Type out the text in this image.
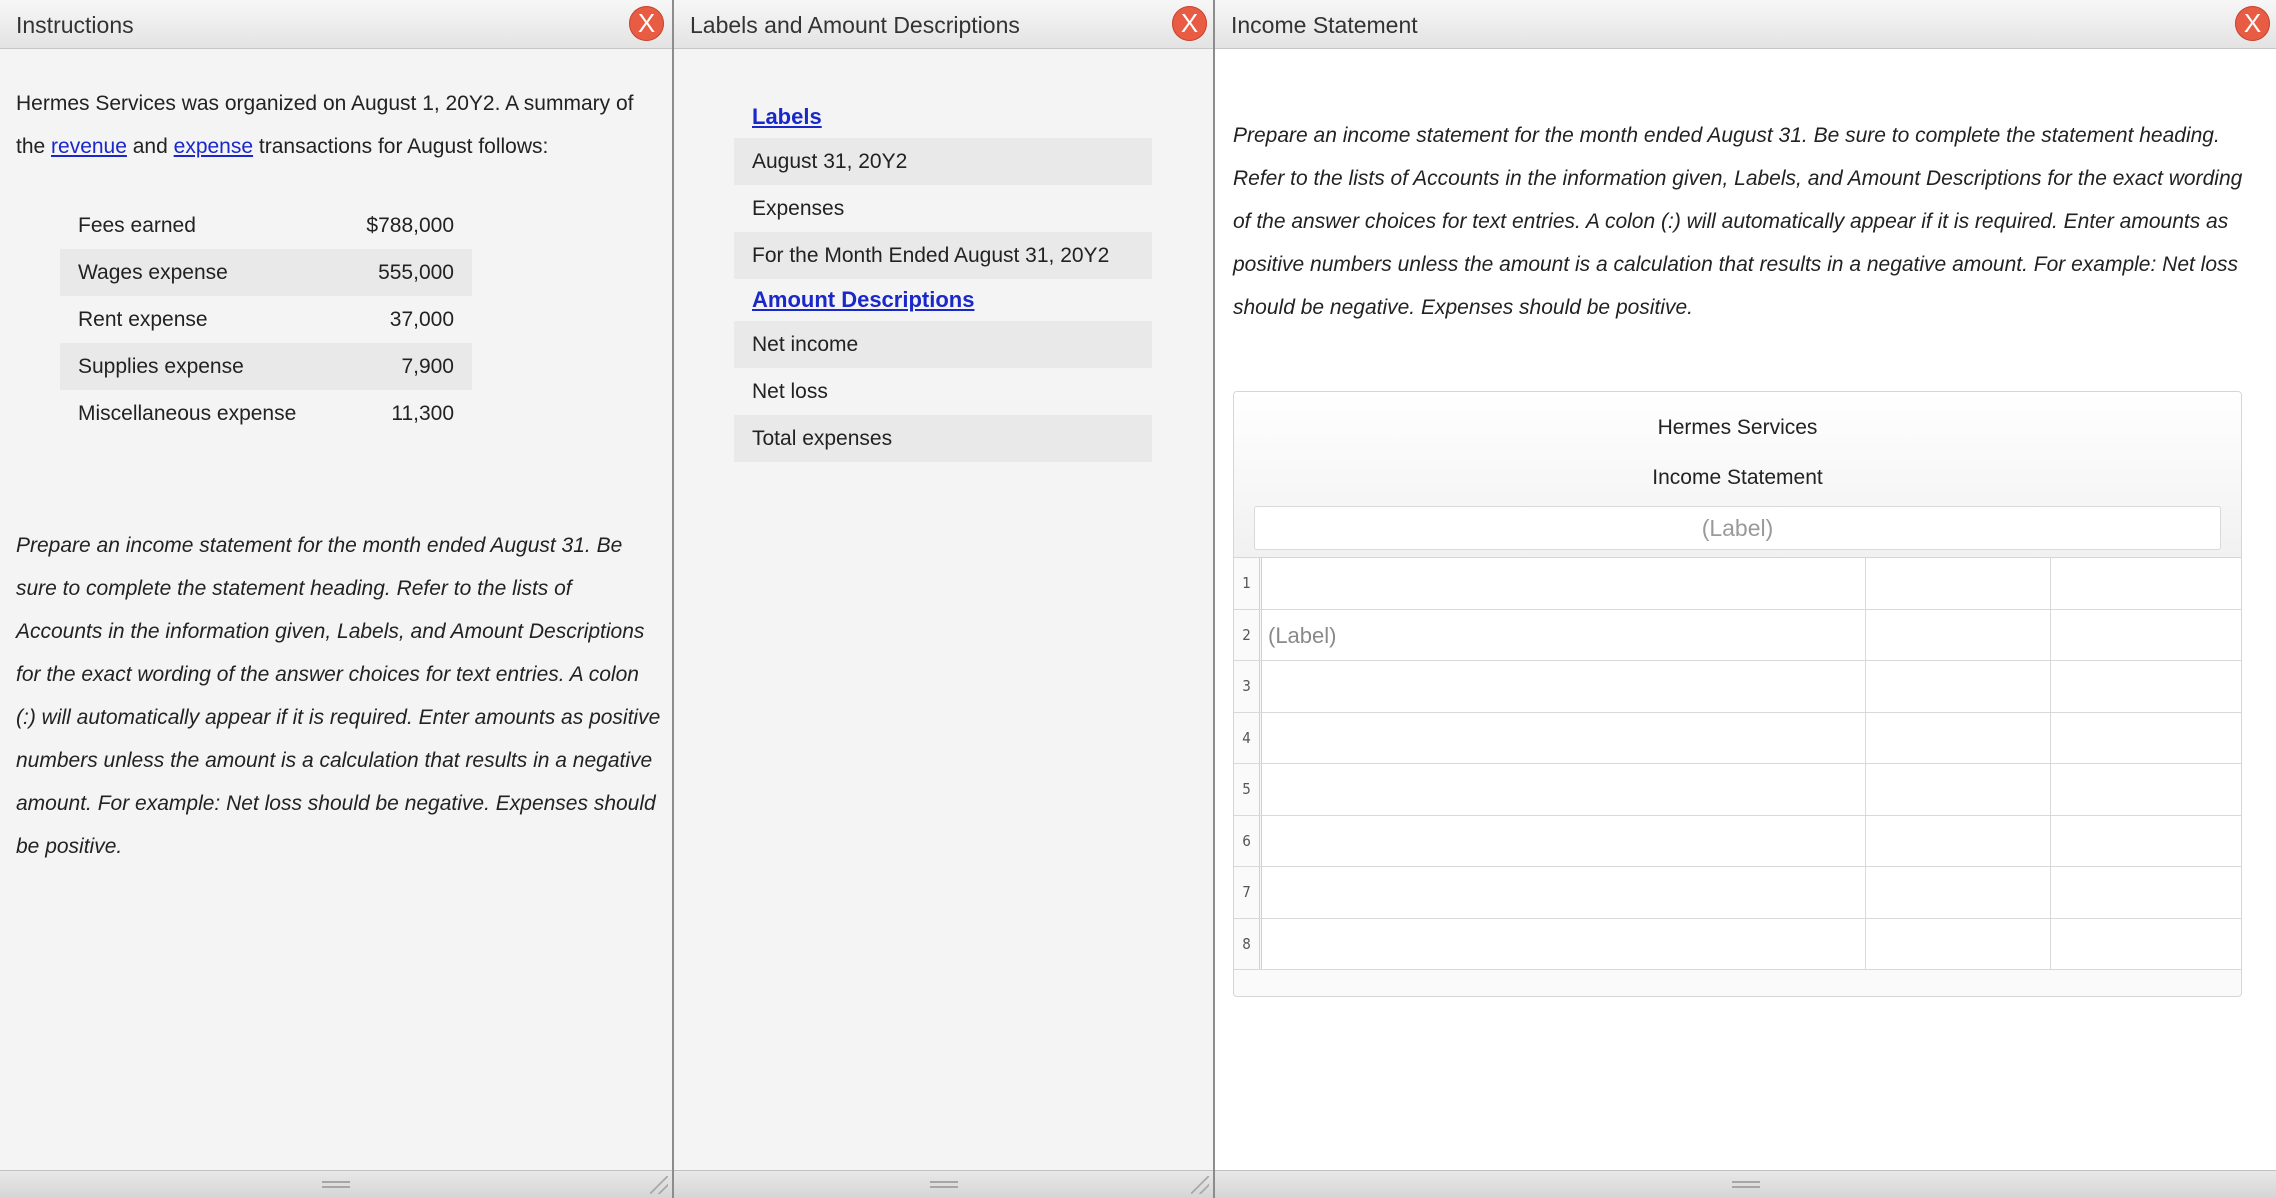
Instructions	X
Hermes Services was organized on August 1, 20Y2. A summary of the revenue and expense transactions for August follows:
Fees earned	$788,000
Wages expense	555,000
Rent expense	37,000
Supplies expense	7,900
Miscellaneous expense	11,300
Prepare an income statement for the month ended August 31. Be sure to complete the statement heading. Refer to the lists of Accounts in the information given, Labels, and Amount Descriptions for the exact wording of the answer choices for text entries. A colon (:) will automatically appear if it is required. Enter amounts as positive numbers unless the amount is a calculation that results in a negative amount. For example: Net loss should be negative. Expenses should be positive.
Labels and Amount Descriptions	X
Labels
August 31, 20Y2
Expenses
For the Month Ended August 31, 20Y2
Amount Descriptions
Net income
Net loss
Total expenses
Income Statement	X
Prepare an income statement for the month ended August 31. Be sure to complete the statement heading. Refer to the lists of Accounts in the information given, Labels, and Amount Descriptions for the exact wording of the answer choices for text entries. A colon (:) will automatically appear if it is required. Enter amounts as positive numbers unless the amount is a calculation that results in a negative amount. For example: Net loss should be negative. Expenses should be positive.
Hermes Services
Income Statement
(Label)
1
2 (Label)
3
4
5
6
7
8
